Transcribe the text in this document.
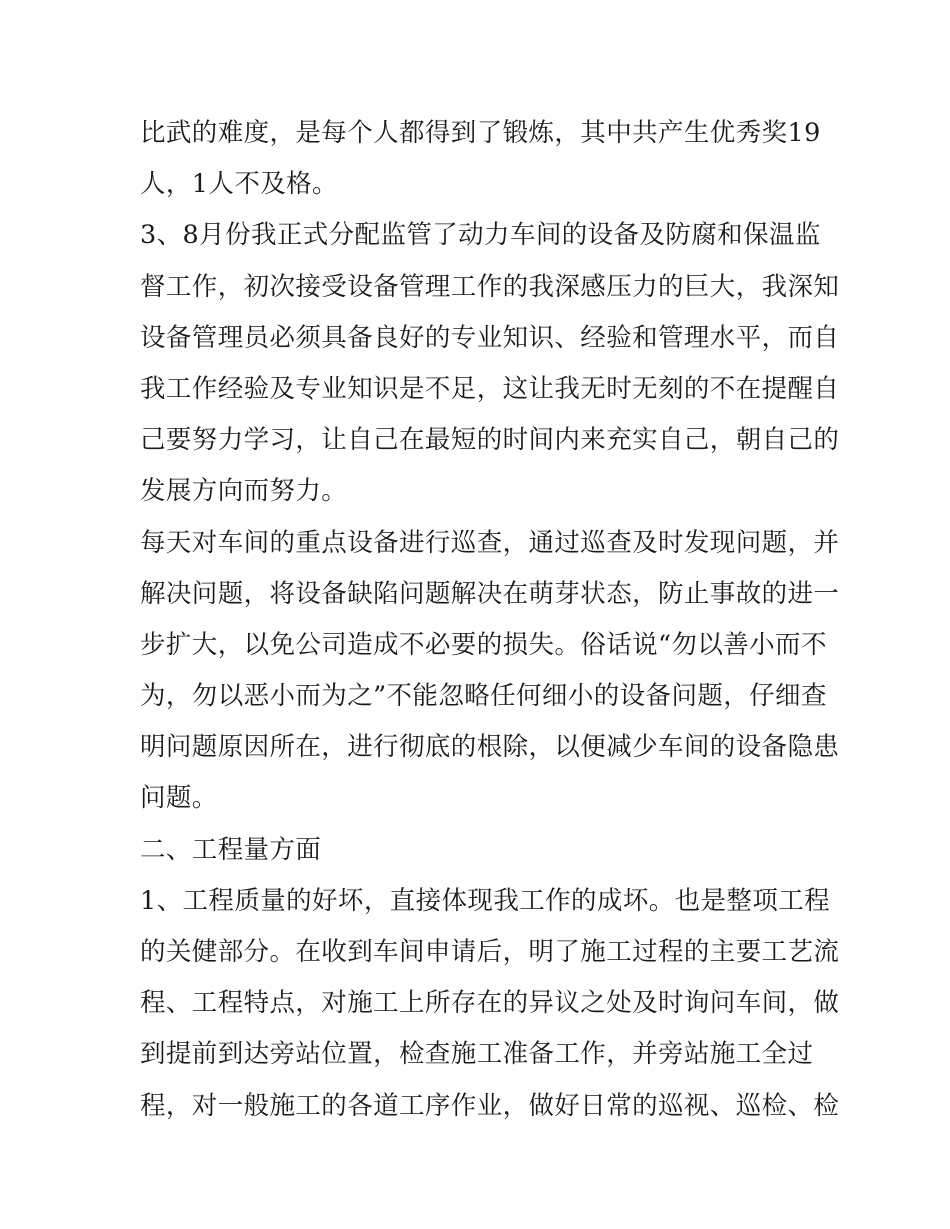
比武的难度，是每个人都得到了锻炼，其中共产生优秀奖19
人，1人不及格。
3、8月份我正式分配监管了动力车间的设备及防腐和保温监
督工作，初次接受设备管理工作的我深感压力的巨大，我深知
设备管理员必须具备良好的专业知识、经验和管理水平，而自
我工作经验及专业知识是不足，这让我无时无刻的不在提醒自
己要努力学习，让自己在最短的时间内来充实自己，朝自己的
发展方向而努力。
每天对车间的重点设备进行巡查，通过巡查及时发现问题，并
解决问题，将设备缺陷问题解决在萌芽状态，防止事故的进一
步扩大，以免公司造成不必要的损失。俗话说“勿以善小而不
为，勿以恶小而为之”不能忽略任何细小的设备问题，仔细查
明问题原因所在，进行彻底的根除，以便减少车间的设备隐患
问题。
二、工程量方面
1、工程质量的好坏，直接体现我工作的成坏。也是整项工程
的关健部分。在收到车间申请后，明了施工过程的主要工艺流
程、工程特点，对施工上所存在的异议之处及时询问车间，做
到提前到达旁站位置，检查施工准备工作，并旁站施工全过
程，对一般施工的各道工序作业，做好日常的巡视、巡检、检
